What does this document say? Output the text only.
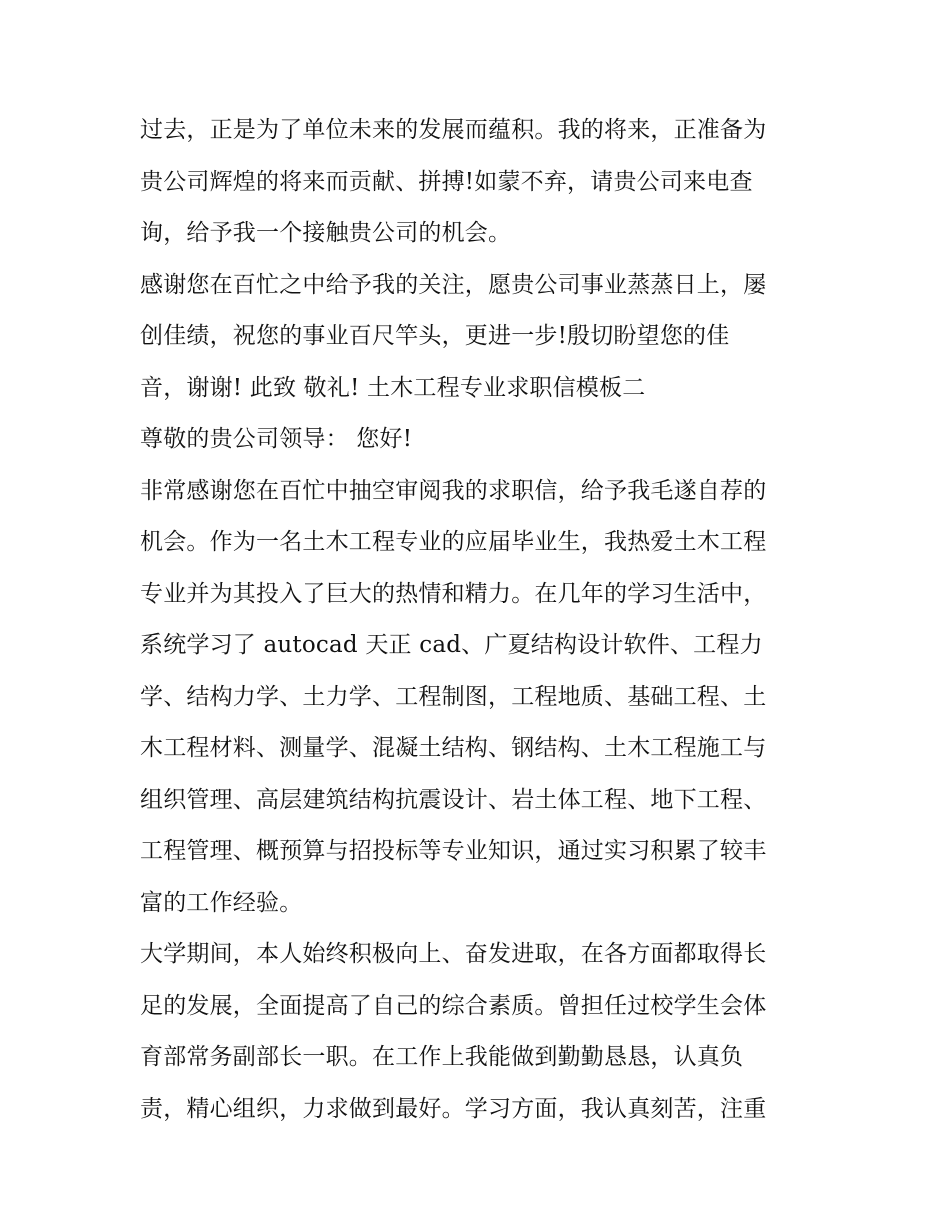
过去，正是为了单位未来的发展而蕴积。我的将来，正准备为
贵公司辉煌的将来而贡献、拼搏!如蒙不弃，请贵公司来电查
询，给予我一个接触贵公司的机会。
感谢您在百忙之中给予我的关注，愿贵公司事业蒸蒸日上，屡
创佳绩，祝您的事业百尺竿头，更进一步!殷切盼望您的佳
音，谢谢! 此致 敬礼! 土木工程专业求职信模板二
尊敬的贵公司领导： 您好!
非常感谢您在百忙中抽空审阅我的求职信，给予我毛遂自荐的
机会。作为一名土木工程专业的应届毕业生，我热爱土木工程
专业并为其投入了巨大的热情和精力。在几年的学习生活中，
系统学习了 autocad 天正 cad、广夏结构设计软件、工程力
学、结构力学、土力学、工程制图，工程地质、基础工程、土
木工程材料、测量学、混凝土结构、钢结构、土木工程施工与
组织管理、高层建筑结构抗震设计、岩土体工程、地下工程、
工程管理、概预算与招投标等专业知识，通过实习积累了较丰
富的工作经验。
大学期间，本人始终积极向上、奋发进取，在各方面都取得长
足的发展，全面提高了自己的综合素质。曾担任过校学生会体
育部常务副部长一职。在工作上我能做到勤勤恳恳，认真负
责，精心组织，力求做到最好。学习方面，我认真刻苦，注重
